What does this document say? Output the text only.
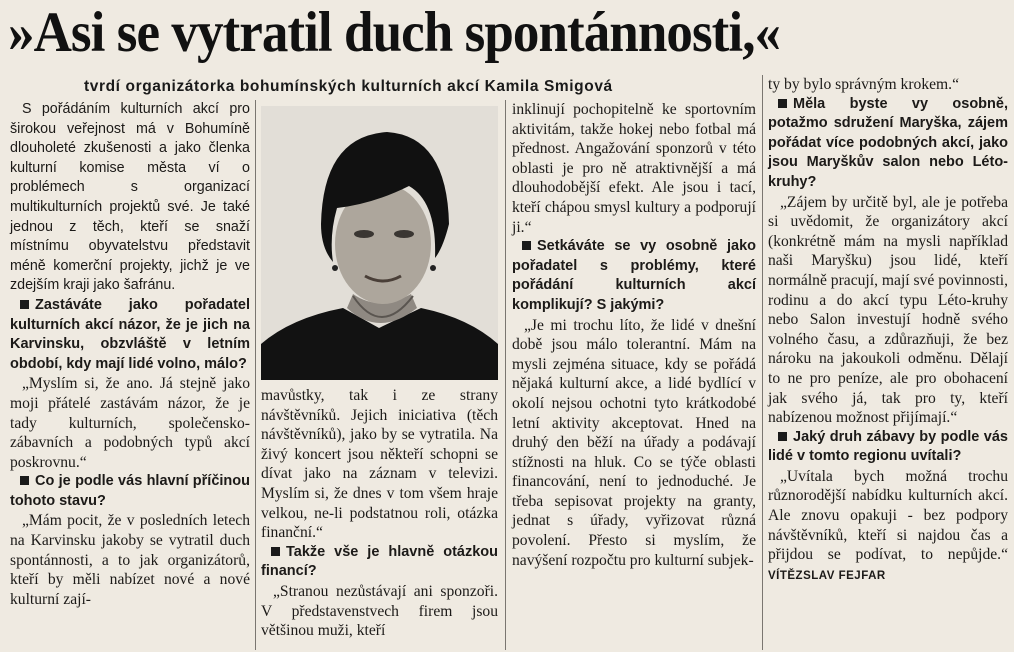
»Asi se vytratil duch spontánnosti,«
tvrdí organizátorka bohumínských kulturních akcí Kamila Smigová

S pořádáním kulturních akcí pro širokou veřejnost má v Bohumíně dlouholeté zkušenosti a jako členka kulturní komise města ví o problémech s organizací multikulturních projektů své. Je také jednou z těch, kteří se snaží místnímu obyvatelstvu představit méně komerční projekty, jichž je ve zdejším kraji jako šafránu.

Zastáváte jako pořadatel kulturních akcí názor, že je jich na Karvinsku, obzvláště v letním období, kdy mají lidé volno, málo?

„Myslím si, že ano. Já stejně jako moji přátelé zastávám názor, že je tady kulturních, společensko-zábavních a podobných typů akcí poskrovnu.“

Co je podle vás hlavní příčinou tohoto stavu?

„Mám pocit, že v posledních letech na Karvinsku jakoby se vytratil duch spontánnosti, a to jak organizátorů, kteří by měli nabízet nové a nové kulturní zají-

mavůstky, tak i ze strany návštěvníků. Jejich iniciativa (těch návštěvníků), jako by se vytratila. Na živý koncert jsou někteří schopni se dívat jako na záznam v televizi. Myslím si, že dnes v tom všem hraje velkou, ne-li podstatnou roli, otázka finanční.“

Takže vše je hlavně otázkou financí?

„Stranou nezůstávají ani sponzoři. V představenstvech firem jsou většinou muži, kteří

inklinují pochopitelně ke sportovním aktivitám, takže hokej nebo fotbal má přednost. Angažování sponzorů v této oblasti je pro ně atraktivnější a má dlouhodobější efekt. Ale jsou i tací, kteří chápou smysl kultury a podporují ji.“

Setkáváte se vy osobně jako pořadatel s problémy, které pořádání kulturních akcí komplikují? S jakými?

„Je mi trochu líto, že lidé v dnešní době jsou málo tolerantní. Mám na mysli zejména situace, kdy se pořádá nějaká kulturní akce, a lidé bydlící v okolí nejsou ochotni tyto krátkodobé letní aktivity akceptovat. Hned na druhý den běží na úřady a podávají stížnosti na hluk. Co se týče oblasti financování, není to jednoduché. Je třeba sepisovat projekty na granty, jednat s úřady, vyřizovat různá povolení. Přesto si myslím, že navýšení rozpočtu pro kulturní subjek-

ty by bylo správným krokem.“

Měla byste vy osobně, potažmo sdružení Maryška, zájem pořádat více podobných akcí, jako jsou Maryškův salon nebo Léto-kruhy?

„Zájem by určitě byl, ale je potřeba si uvědomit, že organizátory akcí (konkrétně mám na mysli například naši Maryšku) jsou lidé, kteří normálně pracují, mají své povinnosti, rodinu a do akcí typu Léto-kruhy nebo Salon investují hodně svého volného času, a zdůrazňuji, že bez nároku na jakoukoli odměnu. Dělají to ne pro peníze, ale pro obohacení jak svého já, tak pro ty, kteří nabízenou možnost přijímají.“

Jaký druh zábavy by podle vás lidé v tomto regionu uvítali?

„Uvítala bych možná trochu různorodější nabídku kulturních akcí. Ale znovu opakuji - bez podpory návštěvníků, kteří si najdou čas a přijdou se podívat, to nepůjde.“ VÍTĚZSLAV FEJFAR
